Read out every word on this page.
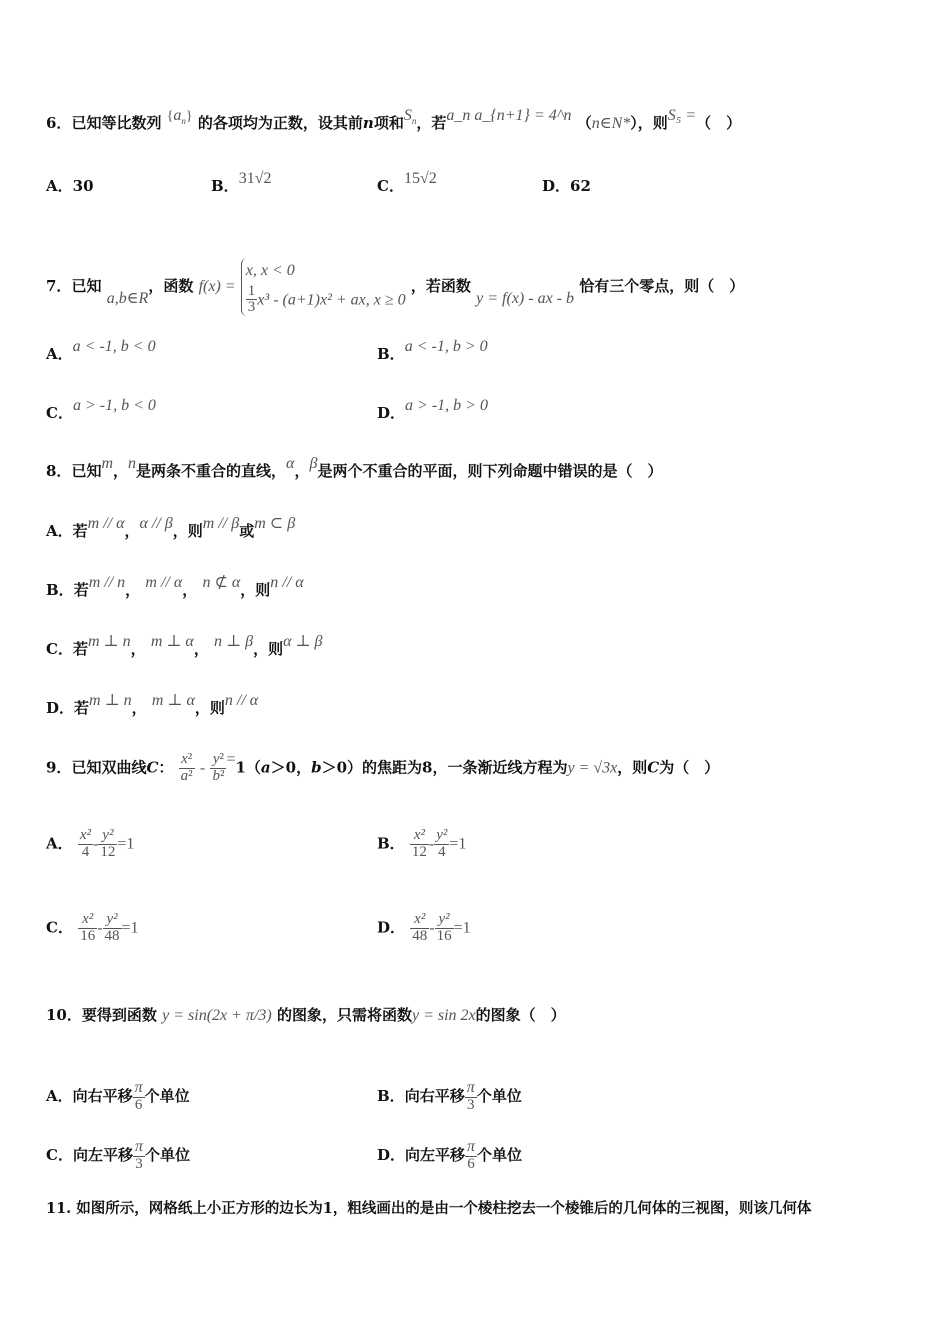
6．已知等比数列 $\{a_n\}$ 的各项均为正数，设其前n项和$S_n$，若a_n a_{n+1} = 4^n （n∈N*），则S₅ =（　）
A．30	B．31√2	C．15√2	D．62
7．已知 a,b∈R，函数 f(x) =
x, x < 0
$\frac{1}{3} x^3 - (a+1)x^2$ + ax, x ≥ 0
，若函数 y = f(x) - ax - b 恰有三个零点，则（　）
A．a < -1, b < 0	B．a < -1, b > 0
C．a > -1, b < 0	D．a > -1, b > 0
8．已知m，n是两条不重合的直线，α，β是两个不重合的平面，则下列命题中错误的是（　）
A．若m // α，α // β，则m // β或m ⊂ β
B．若m // n， m // α， n ⊄ α，则n // α
C．若m ⊥ n， m ⊥ α， n ⊥ β，则α ⊥ β
D．若m ⊥ n， m ⊥ α，则n // α
9．已知双曲线C： $\frac{\text{x²}}{\text{a²}} - \frac{\text{y²}}{\text{b²}} =1(a>0$，b＞0）的焦距为8，一条渐近线方程为y = √3x，则C为（　）
A． $\frac{\text{x²}}{4} - \frac{\text{y²}}{12} =1$	B． $\frac{\text{x²}}{12} - \frac{\text{y²}}{4} =1$
C． $\frac{\text{x²}}{16} - \frac{\text{y²}}{48} =1$	D． $\frac{\text{x²}}{48} - \frac{\text{y²}}{16} =1$
10．要得到函数 y = sin(2x + π/3) 的图象，只需将函数y = sin 2x的图象（　）
A．向右平移 $\frac{\pi}{6}$ 个单位	B．向右平移 $\frac{\pi}{3}$ 个单位
C．向左平移 $\frac{\pi}{3}$ 个单位	D．向左平移 $\frac{\pi}{6}$ 个单位
11. 如图所示，网格纸上小正方形的边长为1，粗线画出的是由一个棱柱挖去一个棱锥后的几何体的三视图，则该几何体
